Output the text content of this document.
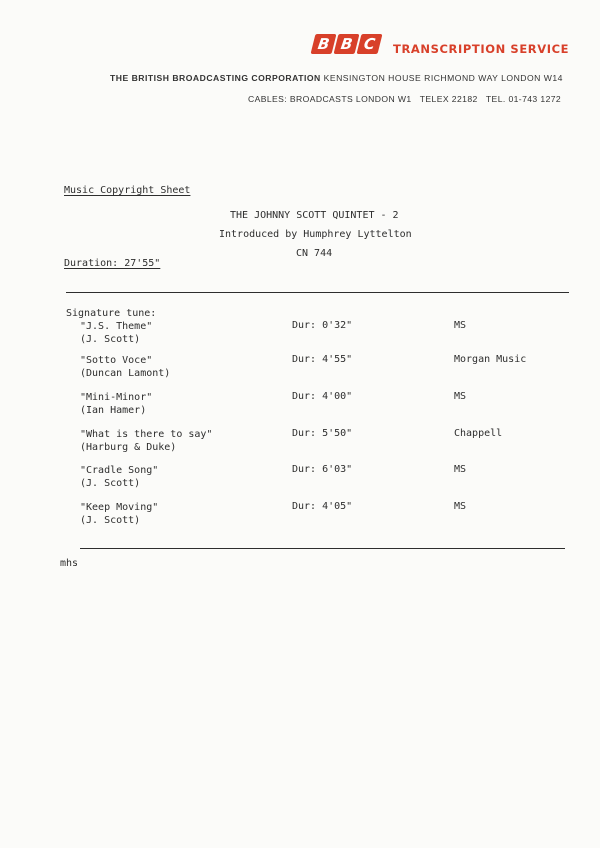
B B C TRANSCRIPTION SERVICE
THE BRITISH BROADCASTING CORPORATION KENSINGTON HOUSE RICHMOND WAY LONDON W14
CABLES: BROADCASTS LONDON W1 TELEX 22182 TEL. 01-743 1272
Music Copyright Sheet
THE JOHNNY SCOTT QUINTET - 2
Introduced by Humphrey Lyttelton
CN 744
Duration: 27'55"
Signature tune:
"J.S. Theme"
(J. Scott)
Dur: 0'32"	MS
"Sotto Voce"
(Duncan Lamont)
Dur: 4'55"	Morgan Music
"Mini-Minor"
(Ian Hamer)
Dur: 4'00"	MS
"What is there to say"
(Harburg & Duke)
Dur: 5'50"	Chappell
"Cradle Song"
(J. Scott)
Dur: 6'03"	MS
"Keep Moving"
(J. Scott)
Dur: 4'05"	MS
mhs
